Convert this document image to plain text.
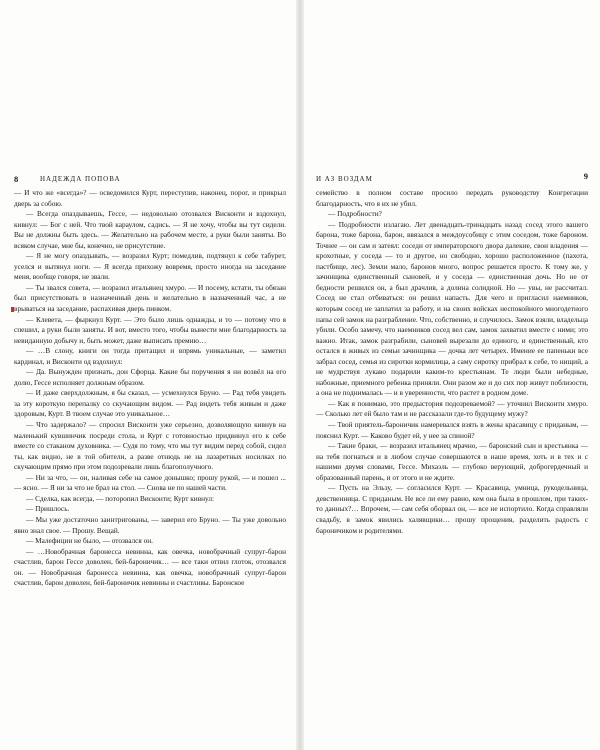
8	НАДЕЖДА ПОПОВА

— И что же «всегда»? — осведомился Курт, переступив, наконец, порог, и прикрыл дверь за собою.

— Всегда опаздываешь, Гессе, — недовольно отозвался Висконти и вздохнул, кивнул: — Бог с ней. Что твой караулом, садись. — Я не хочу, чтобы вы тут сидели. Вы не должны быть здесь. — Желательно на рабочем месте, а руки были заняты. Во всяком случае, мне бы, конечно, не присутствие.

— Я не могу опаздывать, — возразил Курт; помедлив, подтянул к себе табурет, уселся и вытянул ноги. — Я всегда прихожу вовремя, просто иногда на заседание меня, вообще говоря, не звали.

— Ты звался совета, — возразил итальянец хмуро. — И посему, кстати, ты обязан был присутствовать в назначенный день и желательно в назначенный час, а не врываться на заседание, распахивая дверь пинком.

— Клевета, — фыркнул Курт. — Это было лишь однажды, и то — потому что я спешил, а руки были заняты. И вот, вместо того, чтобы вынести мне благодарность за невиданную добычу и, быть может, даже выписать премию…

— …В слону, книги он тогда притащил и впрямь уникальные, — заметил кардинал, и Висконти од вздохнул:

— Да. Вынужден признать, дон Сфорца. Какие бы поручения я ни возвёл на его долю, Гессе исполняет должным образом.

— И даже сверхдолжным, я бы сказал, — усмехнулся Бруно. — Рад тебя увидеть за эту короткую перепалку со скучающим видом. — Рад видеть тебя живым и даже здоровым, Курт. В твоем случае это уникальное…

— Что задержало? — спросил Висконти уже серьезно, дозволяющую кивнув на маленький кувшинчик посреди стола, и Курт с готовностью придвинул его к себе вместе со стаканом духовника. — Судя по тому, что мы тут видим перед собой, сидел ты, как видно, не в той обители, а разве отнюдь не на лазаретных носилках по скучающим прямо при этом подозревали лишь благополучного.

— Ни за что, — он, наливая себе на самое донышко; прошу рукой, — и пошел ... — ясно. — Я ни за что не брал на стол. — Снова не по нашей части.

— Сделка, как всегда, — поторопил Висконти; Курт кивнул:

— Пришлось.

— Мы уже достаточно заинтригованы, — заверил его Бруно. — Ты уже довольно явно знал свое. — Прошу. Вещай.

— Малефиции не было, — отозвался он.

— …Новобрачная баронесса невинна, как овечка, новобрачный супруг-барон счастлив, барон Гессе доволен, бей-бароничик… — все таки отпил глоток, отозвался он. — Новобрачная баронесса невинна, как овечка, новобрачный супруг-барон счастлив, барон доволен, бей-бароничик невинны и счастливы. Баронское

И АЗ ВОЗДАМ	9

семейство в полном составе просило передать руководству Конгрегации благодарность, что я их не убил.

— Подробности?

— Подробности излагаю. Лет двенадцать-тринадцать назад сосед этого вашего барона, тоже барона, барон, ввязался в междоусобицу с этим соседом, тоже бароном. Точнее — он сам и затеял: соседи от императорского двора далекие, свои владения — крохотные, у соседа — то и другое, но свободно, хорошо расположенное (пахота, пастбище, лес). Земли мало, баронов много, вопрос решается просто. К тому же, у зачинщика единственный сыновей, и у соседа — единственная дочь. Но не от бедности решился он, а был драчлив, а долина солидной. Но — увы, не рассчитал. Сосед не стал отбиваться: он решил напасть. Для чего и пригласил наемников, которым сосед не заплатил за работу, и на своих войсках неспокойного многодетного папы сей замок на разграбление. Что, собственно, и случилось. Замок взяли, владельца убили. Особо замечу, что наемников сосед вел сам, замок захватил вместе с ними; это важно. Итак, замок разграбили, сыновей вырезали до единого, и единственный, кто остался в живых из семьи зачинщика — дочка лет четырех. Имение ее папеньки все забрал сосед, семья из сиротки кормилица, а саму сиротку прибрал к себе, то нищий, а не мудрствуя лукаво подарили каким-то крестьянам. Те люди были небедные, набожные, приемного ребенка приняли. Они разом же и до сих пор живут поблизости, а она не поднималась — и в уверенности, что растет в родном доме.

— Как я понимаю, это предыстория подозреваемой? — уточнил Висконти хмуро. — Сколько лет ей было там и не рассказали где-то будущему мужу?

— Твой приятель-бароничик намеревался взять в жены красавицу с приданым, — пояснил Курт. — Каково будет ей, у нее за спиной?

— Такие браки, — возразил итальянец мрачно, — баронский сын и крестьянка — на тебя погнаться и в любом случае совершаются в наше время, хоть и в тех и с нашими двумя словами, Гессе. Михаэль — глубоко верующий, доброгердечный и образованный парень, и от этого и не ждите.

— Пусть на Эльзу, — согласился Курт. — Красавица, умница, рукодельница, девственница. С приданым. Не все ли ему равно, кем она была в прошлом, при таких-то данных?… Впрочем, — сам себя оборвал он, — все не испортило. Когда справляли свадьбу, в замок явились халявщики… прошу прощения, разделить радость с бароничиком и родителями.
